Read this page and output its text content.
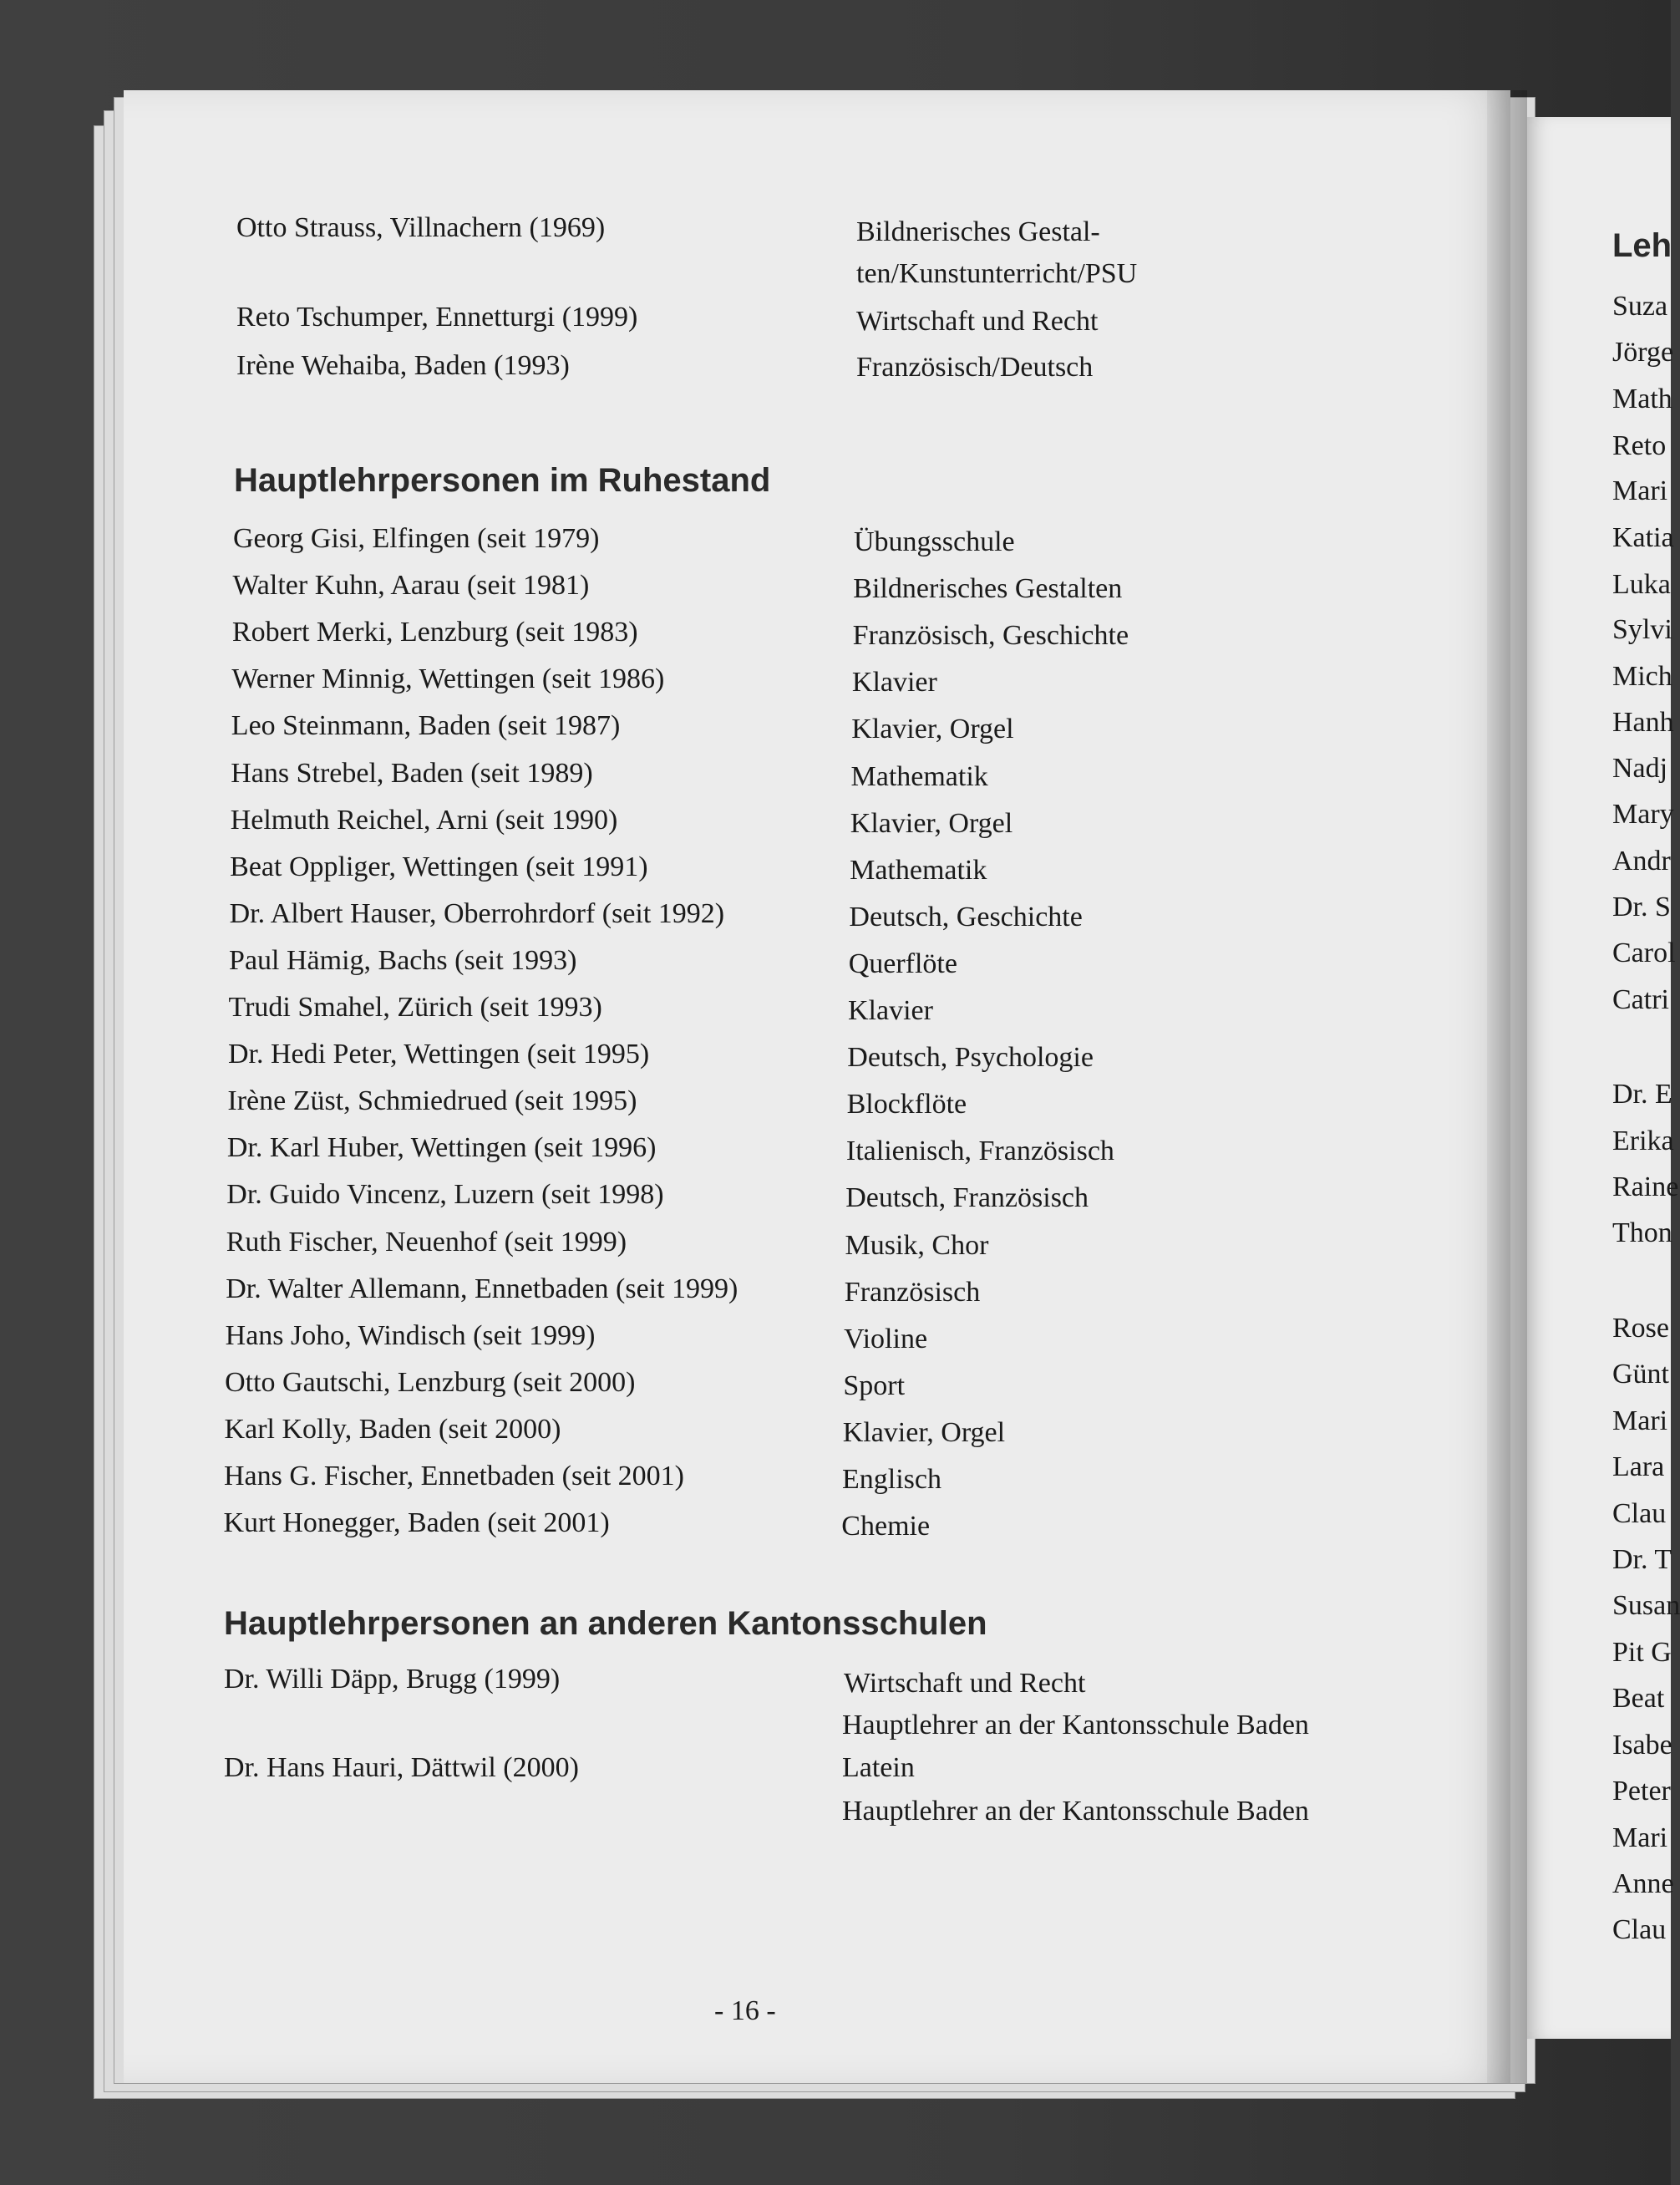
Otto Strauss, Villnachern (1969)	Bildnerisches Gestal-
ten/Kunstunterricht/PSU
Reto Tschumper, Ennetturgi (1999)	Wirtschaft und Recht
Irène Wehaiba, Baden (1993)	Französisch/Deutsch
Hauptlehrpersonen im Ruhestand
Georg Gisi, Elfingen (seit 1979)	Übungsschule
Walter Kuhn, Aarau (seit 1981)	Bildnerisches Gestalten
Robert Merki, Lenzburg (seit 1983)	Französisch, Geschichte
Werner Minnig, Wettingen (seit 1986)	Klavier
Leo Steinmann, Baden (seit 1987)	Klavier, Orgel
Hans Strebel, Baden (seit 1989)	Mathematik
Helmuth Reichel, Arni (seit 1990)	Klavier, Orgel
Beat Oppliger, Wettingen (seit 1991)	Mathematik
Dr. Albert Hauser, Oberrohrdorf (seit 1992)	Deutsch, Geschichte
Paul Hämig, Bachs (seit 1993)	Querflöte
Trudi Smahel, Zürich (seit 1993)	Klavier
Dr. Hedi Peter, Wettingen (seit 1995)	Deutsch, Psychologie
Irène Züst, Schmiedrued (seit 1995)	Blockflöte
Dr. Karl Huber, Wettingen (seit 1996)	Italienisch, Französisch
Dr. Guido Vincenz, Luzern (seit 1998)	Deutsch, Französisch
Ruth Fischer, Neuenhof (seit 1999)	Musik, Chor
Dr. Walter Allemann, Ennetbaden (seit 1999)	Französisch
Hans Joho, Windisch (seit 1999)	Violine
Otto Gautschi, Lenzburg (seit 2000)	Sport
Karl Kolly, Baden (seit 2000)	Klavier, Orgel
Hans G. Fischer, Ennetbaden (seit 2001)	Englisch
Kurt Honegger, Baden (seit 2001)	Chemie
Hauptlehrpersonen an anderen Kantonsschulen
Dr. Willi Däpp, Brugg (1999)	Wirtschaft und Recht
Hauptlehrer an der Kantonsschule Baden
Dr. Hans Hauri, Dättwil (2000)	Latein
Hauptlehrer an der Kantonsschule Baden
- 16 -
Leh
Suza
Jörge
Math
Reto
Mari
Katia
Luka
Sylvi
Mich
Hanh
Nadj
Mary
Andr
Dr. S
Carol
Catri
Dr. E
Erika
Raine
Thon
Rose
Günt
Mari
Lara
Clau
Dr. T
Susan
Pit G
Beat
Isabe
Peter
Mari
Anne
Clau
